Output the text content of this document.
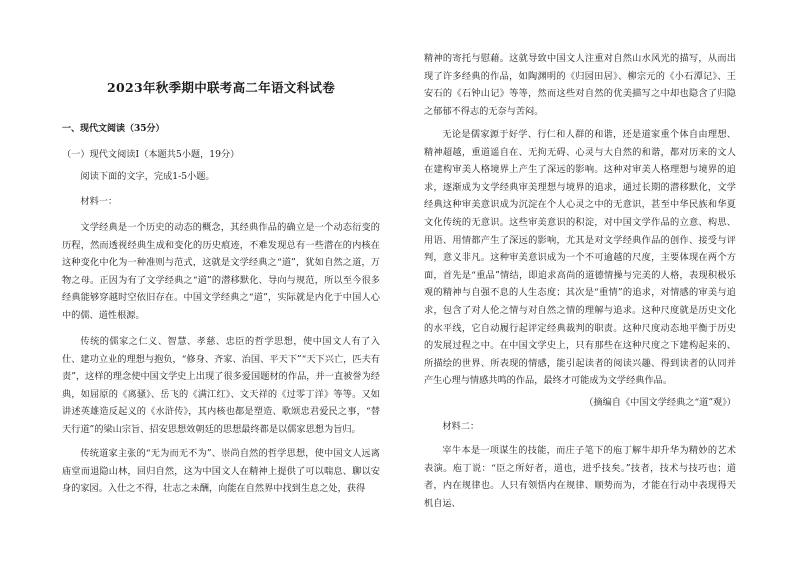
2023年秋季期中联考高二年语文科试卷
一、现代文阅读（35分）
（一）现代文阅读Ⅰ（本题共5小题，19分）
阅读下面的文字，完成1-5小题。
材料一：
文学经典是一个历史的动态的概念，其经典作品的确立是一个动态衍变的历程，然而透视经典生成和变化的历史痕迹，不难发现总有一些潜在的内核在这种变化中化为一种准则与范式，这就是文学经典之“道”，犹如自然之道，万物之母。正因为有了文学经典之“道”的潜移默化、导向与规范，所以至今很多经典能够穿越时空依旧存在。中国文学经典之“道”，实际就是内化于中国人心中的儒、道性根源。
传统的儒家之仁义、智慧、孝慈、忠臣的哲学思想，使中国文人有了入仕、建功立业的理想与抱负，“修身、齐家、治国、平天下”“天下兴亡，匹夫有责”，这样的理念使中国文学史上出现了很多爱国题材的作品，并一直被誉为经典，如屈原的《离骚》、岳飞的《满江红》、文天祥的《过零丁洋》等等。又如讲述英雄造反起义的《水浒传》，其内核也都是塑造、歌颂忠君爱民之事，“替天行道”的梁山宗旨、招安思想效朝廷的思想最终都是以儒家思想为旨归。
传统道家主张的“无为而无不为”、崇尚自然的哲学思想，使中国文人远离庙堂而退隐山林，回归自然，这为中国文人在精神上提供了可以喘息、聊以安身的家园。入仕之不得，壮志之未酬，向能在自然界中找到生息之处，获得
精神的寄托与慰藉。这就导致中国文人注重对自然山水风光的描写，从而出现了许多经典的作品，如陶渊明的《归园田居》、柳宗元的《小石潭记》、王安石的《石钟山记》等等，然而这些对自然的优美描写之中却也隐含了归隐之郁郁不得志的无奈与苦闷。
无论是儒家源于好学、行仁和人群的和谐，还是道家重个体自由理想、精神超越，重道遥自在、无拘无碍、心灵与大自然的和谐，都对历来的文人在建构审美人格境界上产生了深远的影响。这种对审美人格理想与境界的追求，逐渐成为文学经典审美理想与境界的追求，通过长期的潜移默化，文学经典这种审美意识成为沉淀在个人心灵之中的无意识，甚至中华民族和华夏文化传统的无意识。这些审美意识的积淀，对中国文学作品的立意、构思、用语、用情都产生了深远的影响，尤其是对文学经典作品的创作、接受与评判，意义非凡。这种审美意识成为一个不可逾越的尺度，主要体现在两个方面，首先是“重品”情结，即追求高尚的道德情操与完美的人格，表现积极乐观的精神与自强不息的人生态度；其次是“重情”的追求，对情感的审美与追求，包含了对人伦之情与对自然之情的理解与追求。这种尺度就是历史文化的水平线，它自动履行起评定经典裁判的职责。这种尺度动态地平衡于历史的发展过程之中。在中国文学史上，只有那些在这种尺度之下建构起来的、所描绘的世界、所表现的情感，能引起读者的阅读兴趣、得到读者的认同并产生心理与情感共鸣的作品，最终才可能成为文学经典作品。
（摘编自《中国文学经典之“道”观》）
材料二：
宰牛本是一项谋生的技能，而庄子笔下的庖丁解牛却升华为精妙的艺术表演。庖丁说：“臣之所好者，道也，进乎技矣。”技者，技术与技巧也；道者，内在规律也。人只有领悟内在规律、顺势而为，才能在行动中表现得天机自运、
